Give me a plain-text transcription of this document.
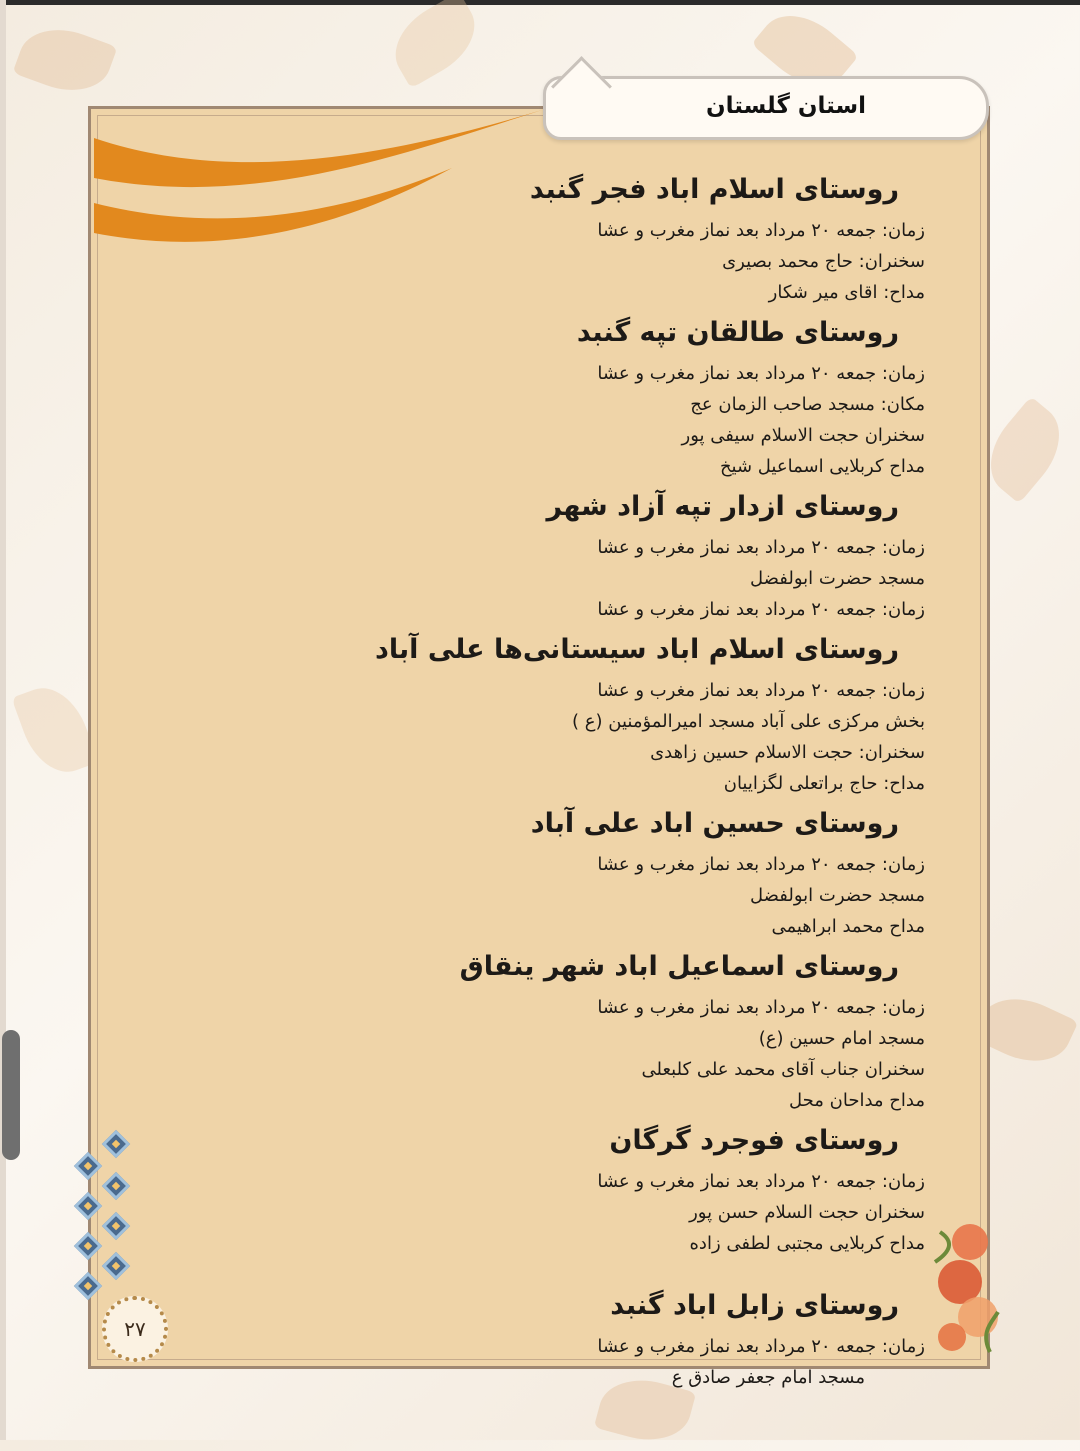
استان گلستان
روستای اسلام اباد فجر گنبد
زمان: جمعه ۲۰ مرداد بعد نماز مغرب و عشا
سخنران: حاج محمد بصیری
مداح: اقای میر شکار
روستای طالقان تپه گنبد
زمان: جمعه ۲۰ مرداد بعد نماز مغرب و عشا
مکان: مسجد صاحب الزمان عج
سخنران حجت الاسلام سیفی پور
مداح کربلایی اسماعیل شیخ
روستای ازدار تپه آزاد شهر
زمان: جمعه ۲۰ مرداد بعد نماز مغرب و عشا
مسجد حضرت ابولفضل
زمان: جمعه ۲۰ مرداد بعد نماز مغرب و عشا
روستای اسلام اباد سیستانی‌ها علی آباد
زمان: جمعه ۲۰ مرداد بعد نماز مغرب و عشا
بخش مرکزی علی آباد مسجد امیرالمؤمنین (ع )
سخنران: حجت الاسلام حسین زاهدی
مداح: حاج براتعلی لگزاییان
روستای حسین اباد علی آباد
زمان: جمعه ۲۰ مرداد بعد نماز مغرب و عشا
مسجد حضرت ابولفضل
مداح محمد ابراهیمی
روستای اسماعیل اباد شهر ینقاق
زمان: جمعه ۲۰ مرداد بعد نماز مغرب و عشا
مسجد امام حسین (ع)
سخنران جناب آقای محمد علی کلبعلی
مداح مداحان محل
روستای فوجرد گرگان
زمان: جمعه ۲۰ مرداد بعد نماز مغرب و عشا
سخنران حجت السلام حسن پور
مداح کربلایی مجتبی لطفی زاده
روستای زابل اباد گنبد
زمان: جمعه ۲۰ مرداد بعد نماز مغرب و عشا
مسجد امام جعفر صادق ع
۲۷
